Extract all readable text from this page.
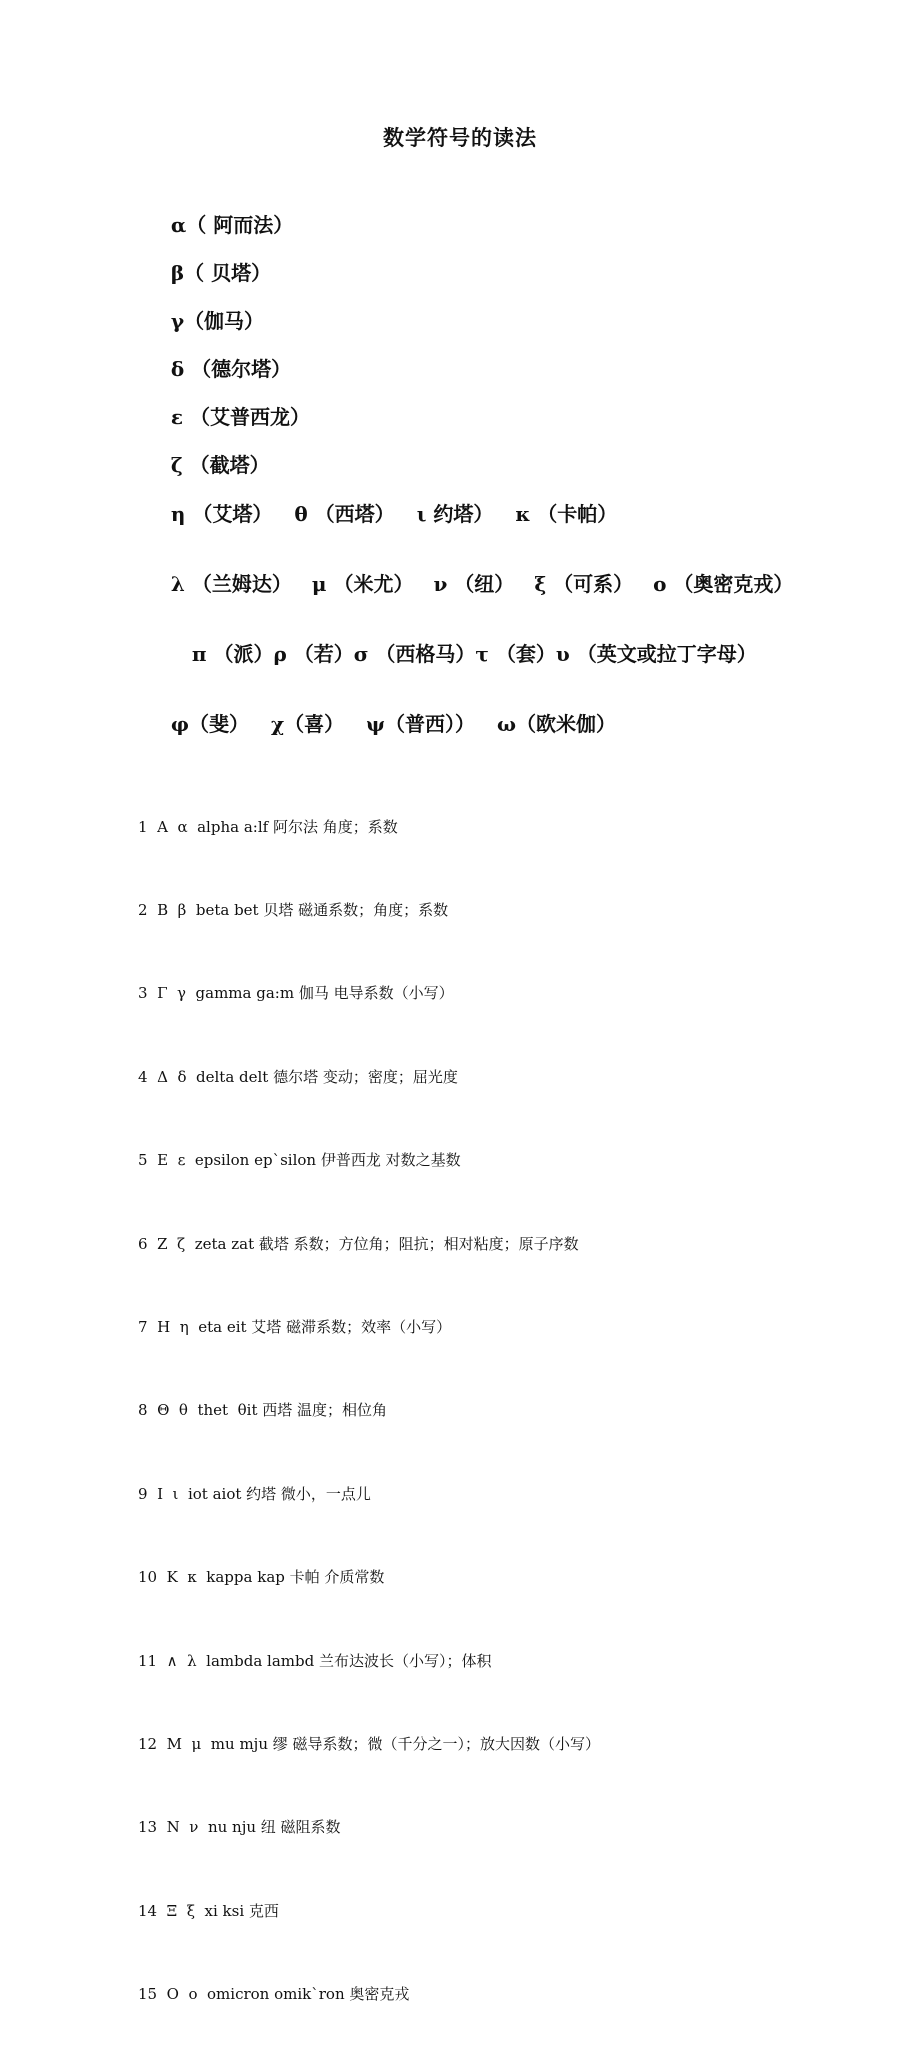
数学符号的读法

α（ 阿而法）

β（ 贝塔）

γ（伽马）

δ （德尔塔）

ε （艾普西龙）

ζ （截塔）

η （艾塔） θ （西塔） ι 约塔） κ （卡帕）

λ （兰姆达） μ （米尤） ν （纽） ξ （可系） ο （奥密克戎）

π （派）ρ （若）σ （西格马）τ （套）υ （英文或拉丁字母）

φ（斐） χ（喜） ψ（普西）） ω（欧米伽）

1  Α  α  alpha a:lf 阿尔法 角度；系数

2  Β  β  beta bet 贝塔 磁通系数；角度；系数

3  Γ  γ  gamma ga:m 伽马 电导系数（小写）

4  Δ  δ  delta delt 德尔塔 变动；密度；屈光度

5  Ε  ε  epsilon ep`silon 伊普西龙 对数之基数

6  Ζ  ζ  zeta zat 截塔 系数；方位角；阻抗；相对粘度；原子序数

7  Η  η  eta eit 艾塔 磁滞系数；效率（小写）

8  Θ  θ  thet  θit 西塔 温度；相位角

9  Ι  ι  iot aiot 约塔 微小，一点儿

10  Κ  κ  kappa kap 卡帕 介质常数

11  ∧  λ  lambda lambd 兰布达波长（小写）；体积

12  Μ  μ  mu mju 缪 磁导系数；微（千分之一）；放大因数（小写）

13  Ν  ν  nu nju 纽 磁阻系数

14  Ξ  ξ  xi ksi 克西

15  Ο  ο  omicron omik`ron 奥密克戎
